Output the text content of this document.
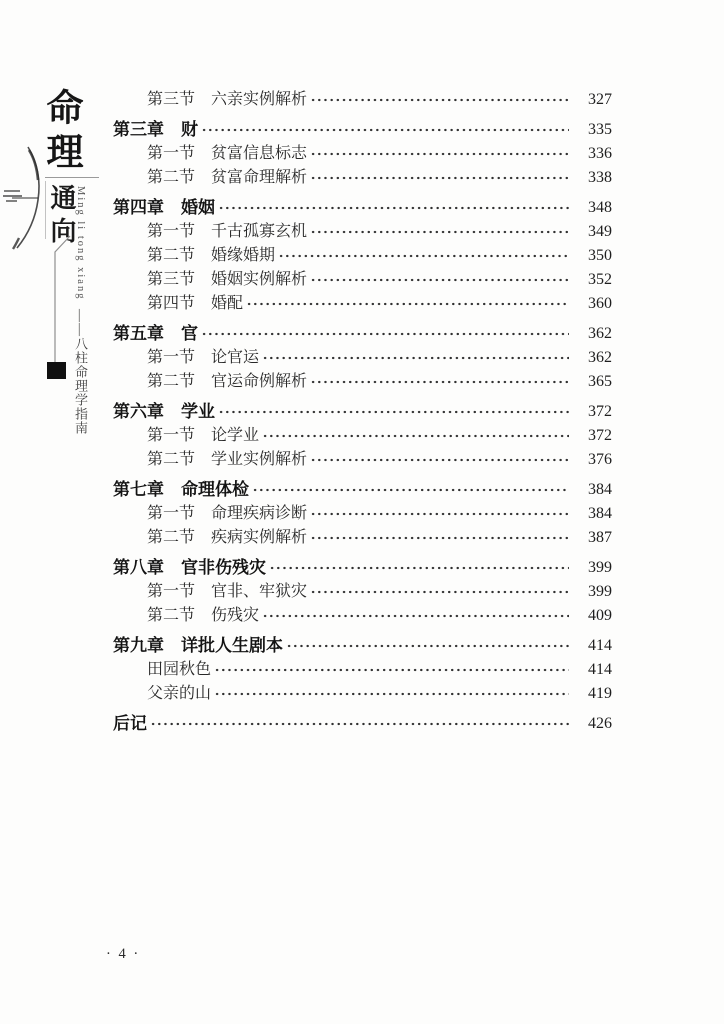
命理
通向 Ming li tong xiang——八柱命理学指南
第三节　六亲实例解析	327
第三章　财	335
第一节　贫富信息标志	336
第二节　贫富命理解析	338
第四章　婚姻	348
第一节　千古孤寡玄机	349
第二节　婚缘婚期	350
第三节　婚姻实例解析	352
第四节　婚配	360
第五章　官	362
第一节　论官运	362
第二节　官运命例解析	365
第六章　学业	372
第一节　论学业	372
第二节　学业实例解析	376
第七章　命理体检	384
第一节　命理疾病诊断	384
第二节　疾病实例解析	387
第八章　官非伤残灾	399
第一节　官非、牢狱灾	399
第二节　伤残灾	409
第九章　详批人生剧本	414
田园秋色	414
父亲的山	419
后记	426
· 4 ·
